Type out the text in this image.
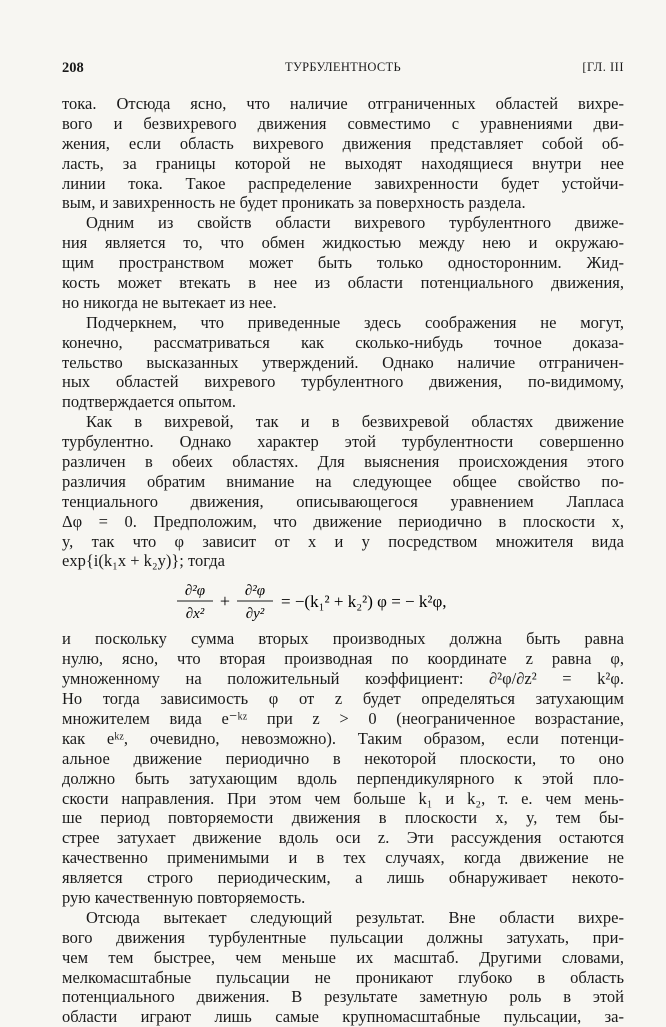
208	ТУРБУЛЕНТНОСТЬ	[ГЛ. III
тока. Отсюда ясно, что наличие отграниченных областей вихре-
вого и безвихревого движения совместимо с уравнениями дви-
жения, если область вихревого движения представляет собой об-
ласть, за границы которой не выходят находящиеся внутри нее
линии тока. Такое распределение завихренности будет устойчи-
вым, и завихренность не будет проникать за поверхность раздела.
Одним из свойств области вихревого турбулентного движе-
ния является то, что обмен жидкостью между нею и окружаю-
щим пространством может быть только односторонним. Жид-
кость может втекать в нее из области потенциального движения,
но никогда не вытекает из нее.
Подчеркнем, что приведенные здесь соображения не могут,
конечно, рассматриваться как сколько-нибудь точное доказа-
тельство высказанных утверждений. Однако наличие отграничен-
ных областей вихревого турбулентного движения, по-видимому,
подтверждается опытом.
Как в вихревой, так и в безвихревой областях движение
турбулентно. Однако характер этой турбулентности совершенно
различен в обеих областях. Для выяснения происхождения этого
различия обратим внимание на следующее общее свойство по-
тенциального движения, описывающегося уравнением Лапласа
Δφ = 0. Предположим, что движение периодично в плоскости x,
y, так что φ зависит от x и y посредством множителя вида
exp{i(k₁x + k₂y)}; тогда
∂²φ
∂x²
+ ∂²φ
∂y²
= −(k₁² + k₂²) φ = − k²φ,
и поскольку сумма вторых производных должна быть равна
нулю, ясно, что вторая производная по координате z равна φ,
умноженному на положительный коэффициент: ∂²φ/∂z² = k²φ.
Но тогда зависимость φ от z будет определяться затухающим
множителем вида e⁻ᵏᶻ при z > 0 (неограниченное возрастание,
как eᵏᶻ, очевидно, невозможно). Таким образом, если потенци-
альное движение периодично в некоторой плоскости, то оно
должно быть затухающим вдоль перпендикулярного к этой пло-
скости направления. При этом чем больше k₁ и k₂, т. е. чем мень-
ше период повторяемости движения в плоскости x, y, тем бы-
стрее затухает движение вдоль оси z. Эти рассуждения остаются
качественно применимыми и в тех случаях, когда движение не
является строго периодическим, а лишь обнаруживает некото-
рую качественную повторяемость.
Отсюда вытекает следующий результат. Вне области вихре-
вого движения турбулентные пульсации должны затухать, при-
чем тем быстрее, чем меньше их масштаб. Другими словами,
мелкомасштабные пульсации не проникают глубоко в область
потенциального движения. В результате заметную роль в этой
области играют лишь самые крупномасштабные пульсации, за-
